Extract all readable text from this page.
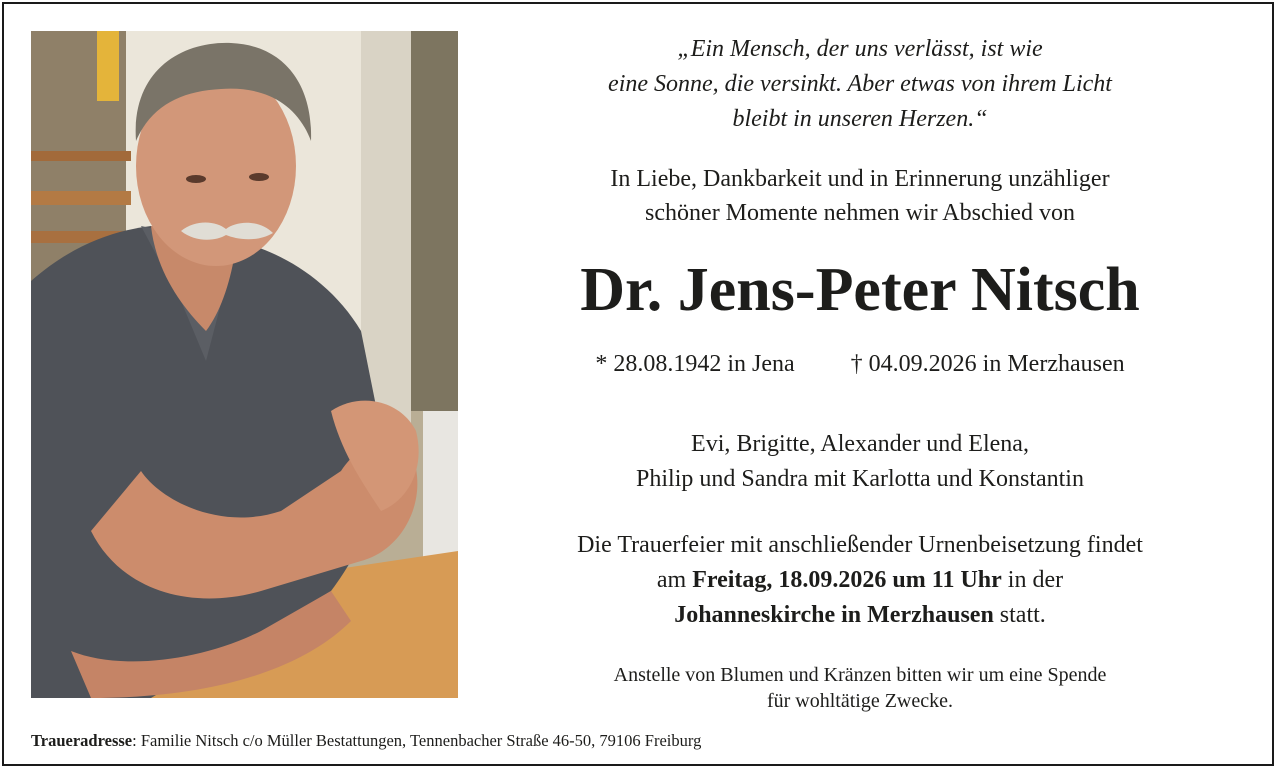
„Ein Mensch, der uns verlässt, ist wie
eine Sonne, die versinkt. Aber etwas von ihrem Licht
bleibt in unseren Herzen.“
In Liebe, Dankbarkeit und in Erinnerung unzähliger
schöner Momente nehmen wir Abschied von
Dr. Jens-Peter Nitsch
* 28.08.1942 in Jena † 04.09.2026 in Merzhausen
Evi, Brigitte, Alexander und Elena,
Philip und Sandra mit Karlotta und Konstantin
Die Trauerfeier mit anschließender Urnenbeisetzung findet
am Freitag, 18.09.2026 um 11 Uhr in der
Johanneskirche in Merzhausen statt.
Anstelle von Blumen und Kränzen bitten wir um eine Spende
für wohltätige Zwecke.
Traueradresse: Familie Nitsch c/o Müller Bestattungen, Tennenbacher Straße 46-50, 79106 Freiburg
